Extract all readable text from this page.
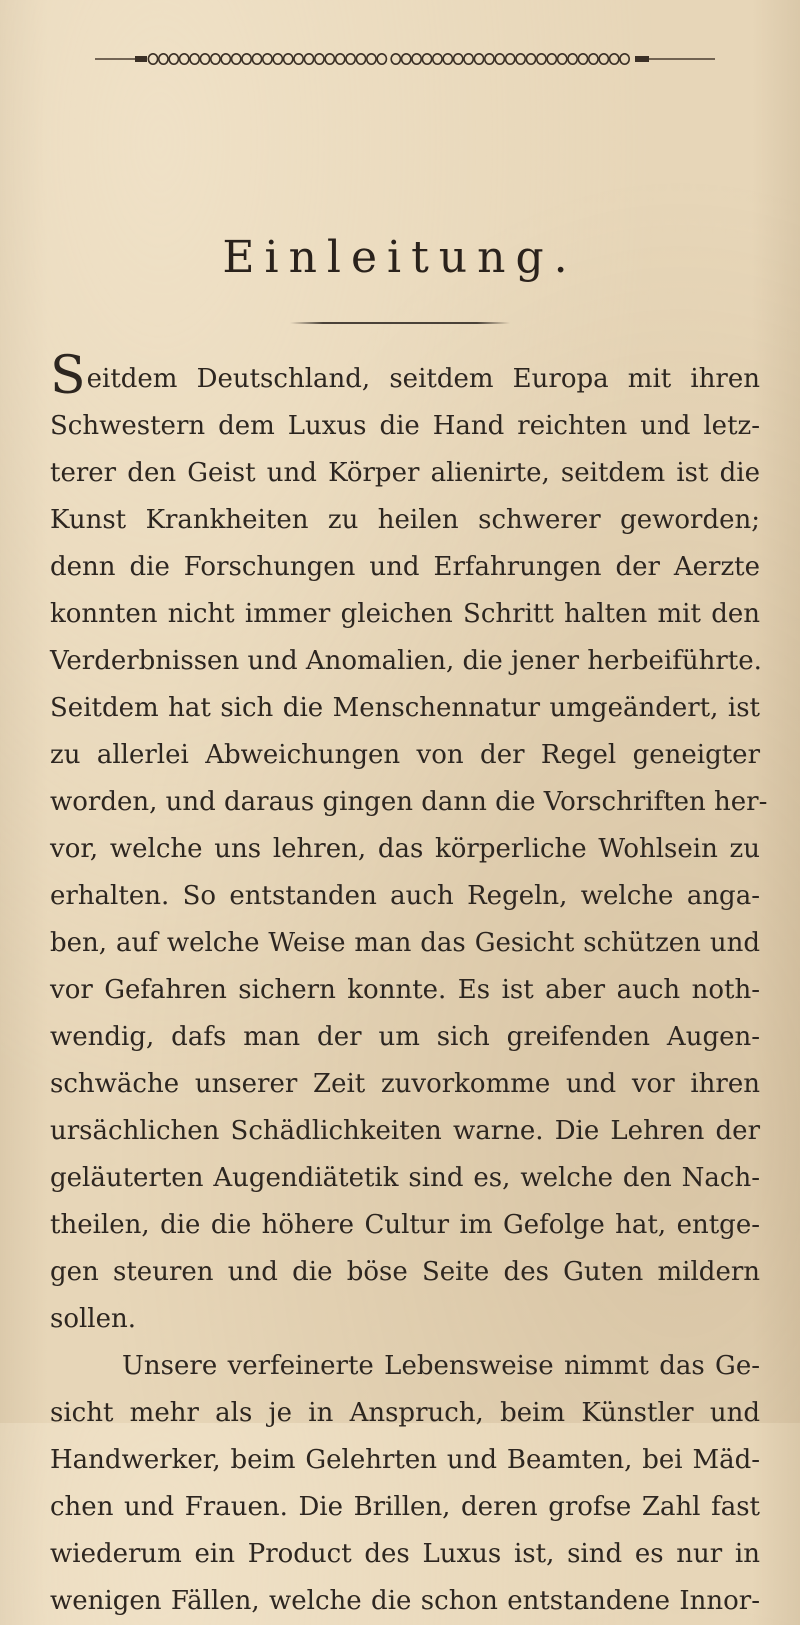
Einleitung.
Seitdem Deutschland, seitdem Europa mit ihren
Schwestern dem Luxus die Hand reichten und letz-
terer den Geist und Körper alienirte, seitdem ist die
Kunst Krankheiten zu heilen schwerer geworden;
denn die Forschungen und Erfahrungen der Aerzte
konnten nicht immer gleichen Schritt halten mit den
Verderbnissen und Anomalien, die jener herbeiführte.
Seitdem hat sich die Menschennatur umgeändert, ist
zu allerlei Abweichungen von der Regel geneigter
worden, und daraus gingen dann die Vorschriften her-
vor, welche uns lehren, das körperliche Wohlsein zu
erhalten. So entstanden auch Regeln, welche anga-
ben, auf welche Weise man das Gesicht schützen und
vor Gefahren sichern konnte. Es ist aber auch noth-
wendig, dafs man der um sich greifenden Augen-
schwäche unserer Zeit zuvorkomme und vor ihren
ursächlichen Schädlichkeiten warne. Die Lehren der
geläuterten Augendiätetik sind es, welche den Nach-
theilen, die die höhere Cultur im Gefolge hat, entge-
gen steuren und die böse Seite des Guten mildern
sollen.
Unsere verfeinerte Lebensweise nimmt das Ge-
sicht mehr als je in Anspruch, beim Künstler und
Handwerker, beim Gelehrten und Beamten, bei Mäd-
chen und Frauen. Die Brillen, deren grofse Zahl fast
wiederum ein Product des Luxus ist, sind es nur in
wenigen Fällen, welche die schon entstandene Innor-
